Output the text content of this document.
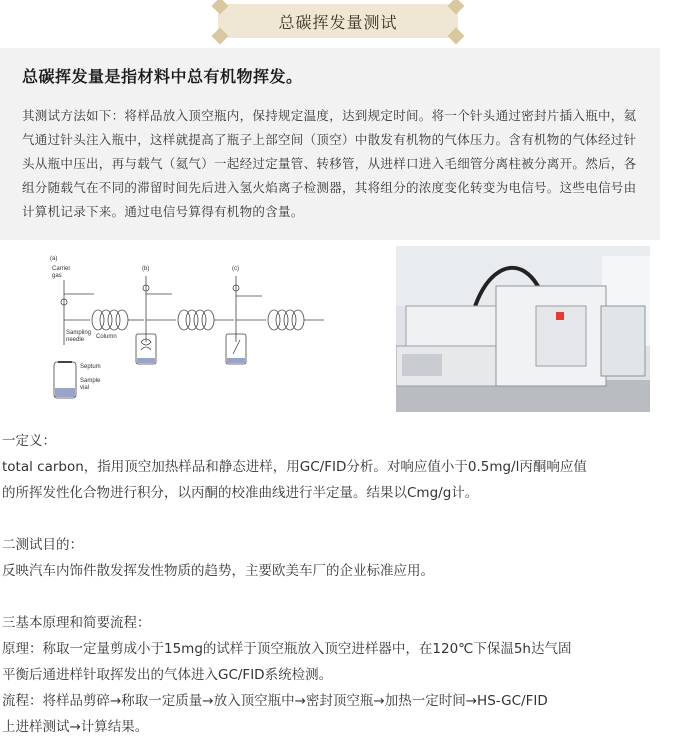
总碳挥发量测试
总碳挥发量是指材料中总有机物挥发。
其测试方法如下：将样品放入顶空瓶内，保持规定温度，达到规定时间。将一个针头通过密封片插入瓶中，氦气通过针头注入瓶中，这样就提高了瓶子上部空间（顶空）中散发有机物的气体压力。含有机物的气体经过针头从瓶中压出，再与载气（氦气）一起经过定量管、转移管，从进样口进入毛细管分离柱被分离开。然后，各组分随载气在不同的滞留时间先后进入氢火焰离子检测器，其将组分的浓度变化转变为电信号。这些电信号由计算机记录下来。通过电信号算得有机物的含量。
(a)
(b)	(c)
Carrier
gas
Column
Sampling
needle
Septum
Sample
vial

一定义：

total carbon，指用顶空加热样品和静态进样，用GC/FID分析。对响应值小于0.5mg/l丙酮响应值

的所挥发性化合物进行积分，以丙酮的校准曲线进行半定量。结果以Cmg/g计。

二测试目的：

反映汽车内饰件散发挥发性物质的趋势，主要欧美车厂的企业标准应用。

三基本原理和简要流程：

原理：称取一定量剪成小于15mg的试样于顶空瓶放入顶空进样器中，在120℃下保温5h达气固

平衡后通进样针取挥发出的气体进入GC/FID系统检测。

流程：将样品剪碎→称取一定质量→放入顶空瓶中→密封顶空瓶→加热一定时间→HS-GC/FID

上进样测试→计算结果。
